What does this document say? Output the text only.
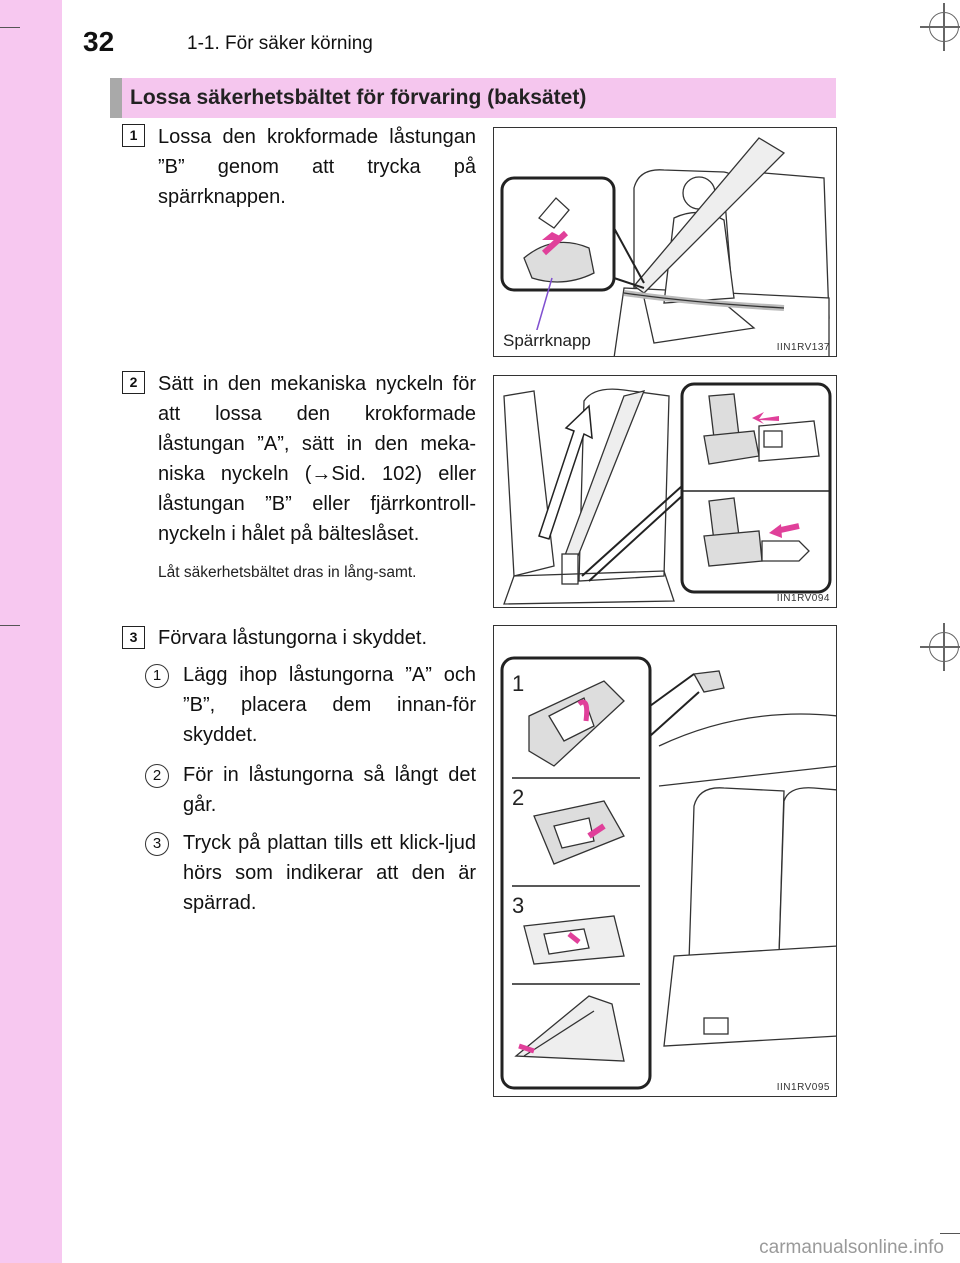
32	1-1. För säker körning
Lossa säkerhetsbältet för förvaring (baksätet)
1	Lossa den krokformade låstungan ”B” genom att trycka på spärrknappen.
2	Sätt in den mekaniska nyckeln för att lossa den krokformade låstungan ”A”, sätt in den meka-niska nyckeln (→Sid. 102) eller låstungan ”B” eller fjärrkontroll-nyckeln i hålet på bälteslåset.
Låt säkerhetsbältet dras in lång-samt.
3	Förvara låstungorna i skyddet.
1	Lägg ihop låstungorna ”A” och ”B”, placera dem innan-för skyddet.
2	För in låstungorna så långt det går.
3	Tryck på plattan tills ett klick-ljud hörs som indikerar att den är spärrad.
Spärrknapp	IIN1RV137
IIN1RV094
1
2
3
IIN1RV095
carmanualsonline.info
